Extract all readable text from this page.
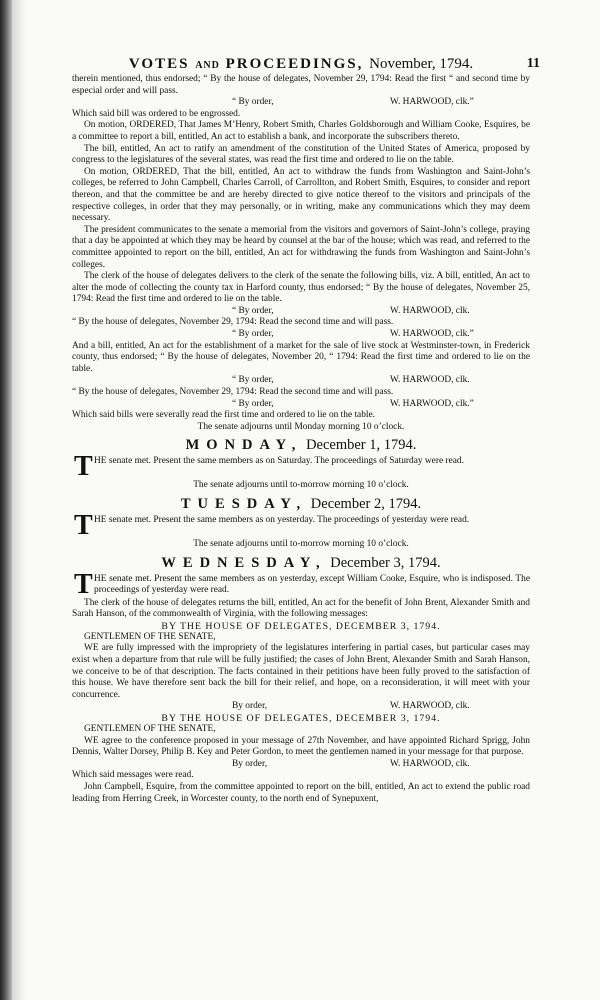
VOTES AND PROCEEDINGS, November, 1794.	11

therein mentioned, thus endorsed; “ By the house of delegates, November 29, 1794: Read the first “ and second time by especial order and will pass.

“ By order,	W. HARWOOD, clk.”

Which said bill was ordered to be engrossed.

On motion, ORDERED, That James M’Henry, Robert Smith, Charles Goldsborough and William Cooke, Esquires, be a committee to report a bill, entitled, An act to establish a bank, and incorporate the subscribers thereto.

The bill, entitled, An act to ratify an amendment of the constitution of the United States of America, proposed by congress to the legislatures of the several states, was read the first time and ordered to lie on the table.

On motion, ORDERED, That the bill, entitled, An act to withdraw the funds from Washington and Saint-John’s colleges, be referred to John Campbell, Charles Carroll, of Carrollton, and Robert Smith, Esquires, to consider and report thereon, and that the committee be and are hereby directed to give notice thereof to the visitors and principals of the respective colleges, in order that they may personally, or in writing, make any communications which they may deem necessary.

The president communicates to the senate a memorial from the visitors and governors of Saint-John’s college, praying that a day be appointed at which they may be heard by counsel at the bar of the house; which was read, and referred to the committee appointed to report on the bill, entitled, An act for withdrawing the funds from Washington and Saint-John’s colleges.

The clerk of the house of delegates delivers to the clerk of the senate the following bills, viz. A bill, entitled, An act to alter the mode of collecting the county tax in Harford county, thus endorsed; “ By the house of delegates, November 25, 1794: Read the first time and ordered to lie on the table.

“ By order,	W. HARWOOD, clk.

“ By the house of delegates, November 29, 1794: Read the second time and will pass.

“ By order,	W. HARWOOD, clk.”

And a bill, entitled, An act for the establishment of a market for the sale of live stock at Westminster-town, in Frederick county, thus endorsed; “ By the house of delegates, November 20, “ 1794: Read the first time and ordered to lie on the table.

“ By order,	W. HARWOOD, clk.

“ By the house of delegates, November 29, 1794: Read the second time and will pass.

“ By order,	W. HARWOOD, clk.”

Which said bills were severally read the first time and ordered to lie on the table.

The senate adjourns until Monday morning 10 o’clock.

MONDAY, December 1, 1794.
T HE senate met. Present the same members as on Saturday. The proceedings of Saturday were read.

The senate adjourns until to-morrow morning 10 o’clock.

TUESDAY, December 2, 1794.
T HE senate met. Present the same members as on yesterday. The proceedings of yesterday were read.

The senate adjourns until to-morrow morning 10 o’clock.

WEDNESDAY, December 3, 1794.
T HE senate met. Present the same members as on yesterday, except William Cooke, Esquire, who is indisposed. The proceedings of yesterday were read.

The clerk of the house of delegates returns the bill, entitled, An act for the benefit of John Brent, Alexander Smith and Sarah Hanson, of the commonwealth of Virginia, with the following messages:

BY THE HOUSE OF DELEGATES, DECEMBER 3, 1794.

GENTLEMEN OF THE SENATE,

WE are fully impressed with the impropriety of the legislatures interfering in partial cases, but particular cases may exist when a departure from that rule will be fully justified; the cases of John Brent, Alexander Smith and Sarah Hanson, we conceive to be of that description. The facts contained in their petitions have been fully proved to the satisfaction of this house. We have therefore sent back the bill for their relief, and hope, on a reconsideration, it will meet with your concurrence.

By order,	W. HARWOOD, clk.
BY THE HOUSE OF DELEGATES, DECEMBER 3, 1794.

GENTLEMEN OF THE SENATE,

WE agree to the conference proposed in your message of 27th November, and have appointed Richard Sprigg, John Dennis, Walter Dorsey, Philip B. Key and Peter Gordon, to meet the gentlemen named in your message for that purpose.

By order,	W. HARWOOD, clk.

Which said messages were read.

John Campbell, Esquire, from the committee appointed to report on the bill, entitled, An act to extend the public road leading from Herring Creek, in Worcester county, to the north end of Synepuxent,
